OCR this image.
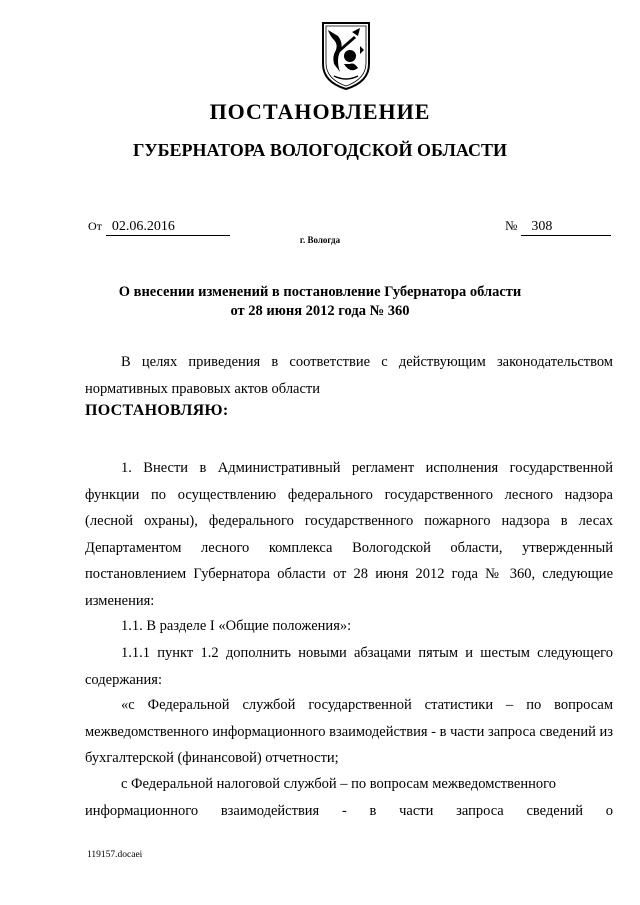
ПОСТАНОВЛЕНИЕ
ГУБЕРНАТОРА ВОЛОГОДСКОЙ ОБЛАСТИ
От 02.06.2016	№ 308
г. Вологда
О внесении изменений в постановление Губернатора области
от 28 июня 2012 года № 360

В целях приведения в соответствие с действующим законодательством нормативных правовых актов области

ПОСТАНОВЛЯЮ:

1. Внести в Административный регламент исполнения государственной функции по осуществлению федерального государственного лесного надзора (лесной охраны), федерального государственного пожарного надзора в лесах Департаментом лесного комплекса Вологодской области, утвержденный постановлением Губернатора области от 28 июня 2012 года № 360, следующие изменения:

1.1. В разделе I «Общие положения»:

1.1.1 пункт 1.2 дополнить новыми абзацами пятым и шестым следующего содержания:

«с Федеральной службой государственной статистики – по вопросам межведомственного информационного взаимодействия - в части запроса сведений из бухгалтерской (финансовой) отчетности;

с Федеральной налоговой службой – по вопросам межведомственного
информационного взаимодействия - в части запроса сведений о

119157.docaei
